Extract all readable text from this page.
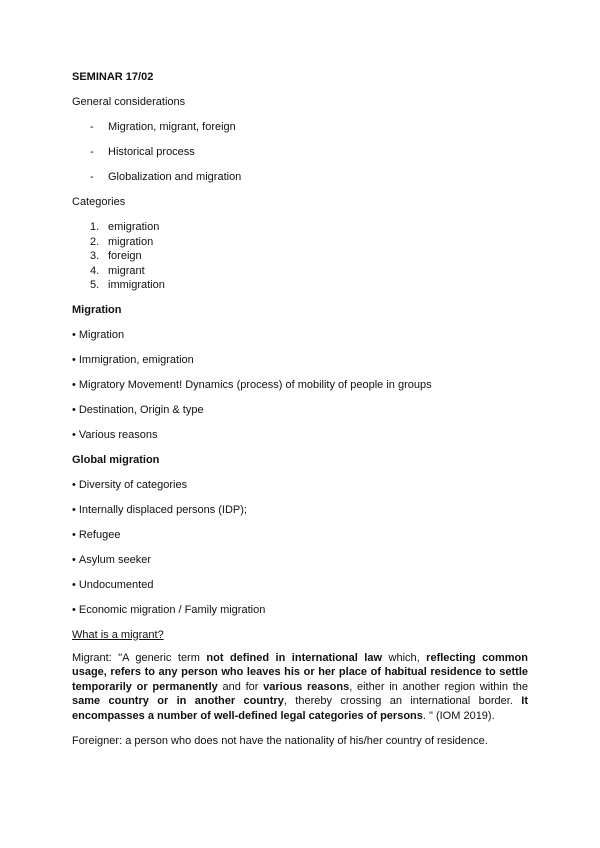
SEMINAR 17/02
General considerations
- Migration, migrant, foreign
- Historical process
- Globalization and migration
Categories
1. emigration
2. migration
3. foreign
4. migrant
5. immigration
Migration
• Migration
• Immigration, emigration
• Migratory Movement! Dynamics (process) of mobility of people in groups
• Destination, Origin & type
• Various reasons
Global migration
• Diversity of categories
• Internally displaced persons (IDP);
• Refugee
• Asylum seeker
• Undocumented
• Economic migration / Family migration
What is a migrant?

Migrant: "A generic term not defined in international law which, reflecting common usage, refers to any person who leaves his or her place of habitual residence to settle temporarily or permanently and for various reasons, either in another region within the same country or in another country, thereby crossing an international border. It encompasses a number of well-defined legal categories of persons. " (IOM 2019).

Foreigner: a person who does not have the nationality of his/her country of residence.
